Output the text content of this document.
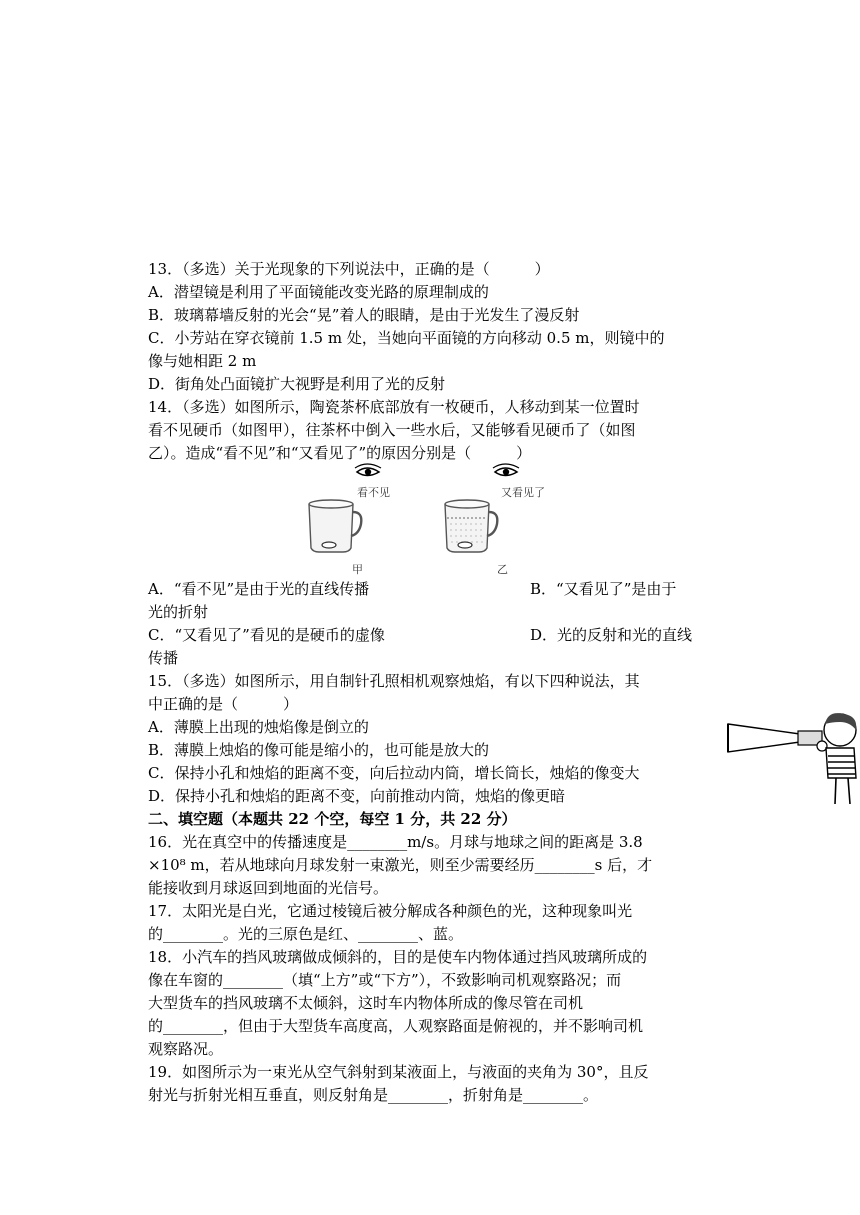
13．（多选）关于光现象的下列说法中，正确的是（　　　）
A．潜望镜是利用了平面镜能改变光路的原理制成的
B．玻璃幕墙反射的光会“晃”着人的眼睛，是由于光发生了漫反射
C．小芳站在穿衣镜前 1.5 m 处，当她向平面镜的方向移动 0.5 m，则镜中的
像与她相距 2 m
D．街角处凸面镜扩大视野是利用了光的反射
14．（多选）如图所示，陶瓷茶杯底部放有一枚硬币，人移动到某一位置时
看不见硬币（如图甲），往茶杯中倒入一些水后，又能够看见硬币了（如图
乙）。造成“看不见”和“又看见了”的原因分别是（　　　）
看不见	又看见了
甲	乙
A．“看不见”是由于光的直线传播	B．“又看见了”是由于
光的折射
C．“又看见了”看见的是硬币的虚像	D．光的反射和光的直线
传播
15．（多选）如图所示，用自制针孔照相机观察烛焰，有以下四种说法，其
中正确的是（　　　）
A．薄膜上出现的烛焰像是倒立的
B．薄膜上烛焰的像可能是缩小的，也可能是放大的
C．保持小孔和烛焰的距离不变，向后拉动内筒，增长筒长，烛焰的像变大
D．保持小孔和烛焰的距离不变，向前推动内筒，烛焰的像更暗
二、填空题（本题共 22 个空，每空 1 分，共 22 分）
16．光在真空中的传播速度是________m/s。月球与地球之间的距离是 3.8
×10⁸ m，若从地球向月球发射一束激光，则至少需要经历________s 后，才
能接收到月球返回到地面的光信号。
17．太阳光是白光，它通过棱镜后被分解成各种颜色的光，这种现象叫光
的________。光的三原色是红、________、蓝。
18．小汽车的挡风玻璃做成倾斜的，目的是使车内物体通过挡风玻璃所成的
像在车窗的________（填“上方”或“下方”），不致影响司机观察路况；而
大型货车的挡风玻璃不太倾斜，这时车内物体所成的像尽管在司机
的________，但由于大型货车高度高，人观察路面是俯视的，并不影响司机
观察路况。
19．如图所示为一束光从空气斜射到某液面上，与液面的夹角为 30°，且反
射光与折射光相互垂直，则反射角是________，折射角是________。
